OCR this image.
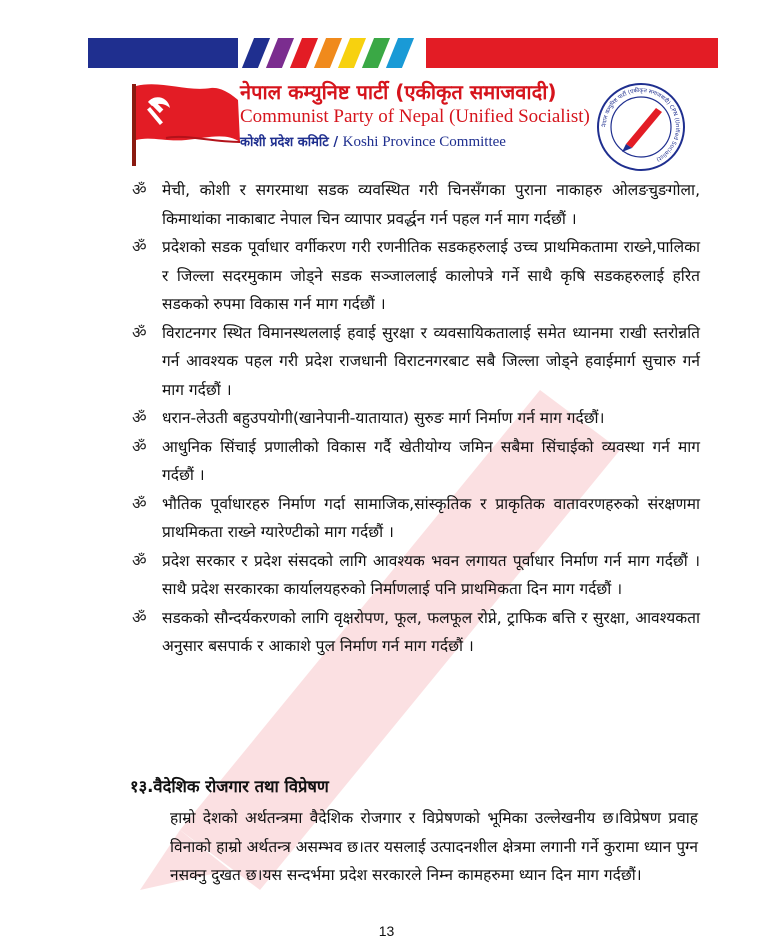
नेपाल कम्युनिष्ट पार्टी (एकीकृत समाजवादी)
Communist Party of Nepal (Unified Socialist)
कोशी प्रदेश कमिटि / Koshi Province Committee
नेपाल कम्युनिष्ट पार्टी (एकीकृत समाजवादी) CPN (Unified Socialist)
ॐ मेची, कोशी र सगरमाथा सडक व्यवस्थित गरी चिनसँगका पुराना नाकाहरु ओलङचुङगोला, किमाथांका नाकाबाट नेपाल चिन व्यापार प्रवर्द्धन गर्न पहल गर्न माग गर्दछौं ।
ॐ प्रदेशको सडक पूर्वाधार वर्गीकरण गरी रणनीतिक सडकहरुलाई उच्च प्राथमिकतामा राख्ने,पालिका र जिल्ला सदरमुकाम जोड्ने सडक सञ्जाललाई कालोपत्रे गर्ने साथै कृषि सडकहरुलाई हरित सडकको रुपमा विकास गर्न माग गर्दछौं ।
ॐ विराटनगर स्थित विमानस्थललाई हवाई सुरक्षा र व्यवसायिकतालाई समेत ध्यानमा राखी स्तरोन्नति गर्न आवश्यक पहल गरी प्रदेश राजधानी विराटनगरबाट सबै जिल्ला जोड्ने हवाईमार्ग सुचारु गर्न माग गर्दछौं ।
ॐ धरान-लेउती बहुउपयोगी(खानेपानी-यातायात) सुरुङ मार्ग निर्माण गर्न माग गर्दछौं।
ॐ आधुनिक सिंचाई प्रणालीको विकास गर्दै खेतीयोग्य जमिन सबैमा सिंचाईको व्यवस्था गर्न माग गर्दछौं ।
ॐ भौतिक पूर्वाधारहरु निर्माण गर्दा सामाजिक,सांस्कृतिक र प्राकृतिक वातावरणहरुको संरक्षणमा प्राथमिकता राख्ने ग्यारेण्टीको माग गर्दछौं ।
ॐ प्रदेश सरकार र प्रदेश संसदको लागि आवश्यक भवन लगायत पूर्वाधार निर्माण गर्न माग गर्दछौं । साथै प्रदेश सरकारका कार्यालयहरुको निर्माणलाई पनि प्राथमिकता दिन माग गर्दछौं ।
ॐ सडकको सौन्दर्यकरणको लागि वृक्षरोपण, फूल, फलफूल रोप्ने, ट्राफिक बत्ति र सुरक्षा, आवश्यकता अनुसार बसपार्क र आकाशे पुल निर्माण गर्न माग गर्दछौं ।
१३.वैदेशिक रोजगार तथा विप्रेषण

हाम्रो देशको अर्थतन्त्रमा वैदेशिक रोजगार र विप्रेषणको भूमिका उल्लेखनीय छ।विप्रेषण प्रवाह विनाको हाम्रो अर्थतन्त्र असम्भव छ।तर यसलाई उत्पादनशील क्षेत्रमा लगानी गर्ने कुरामा ध्यान पुग्न नसक्नु दुखत छ।यस सन्दर्भमा प्रदेश सरकारले निम्न कामहरुमा ध्यान दिन माग गर्दछौं।

13
